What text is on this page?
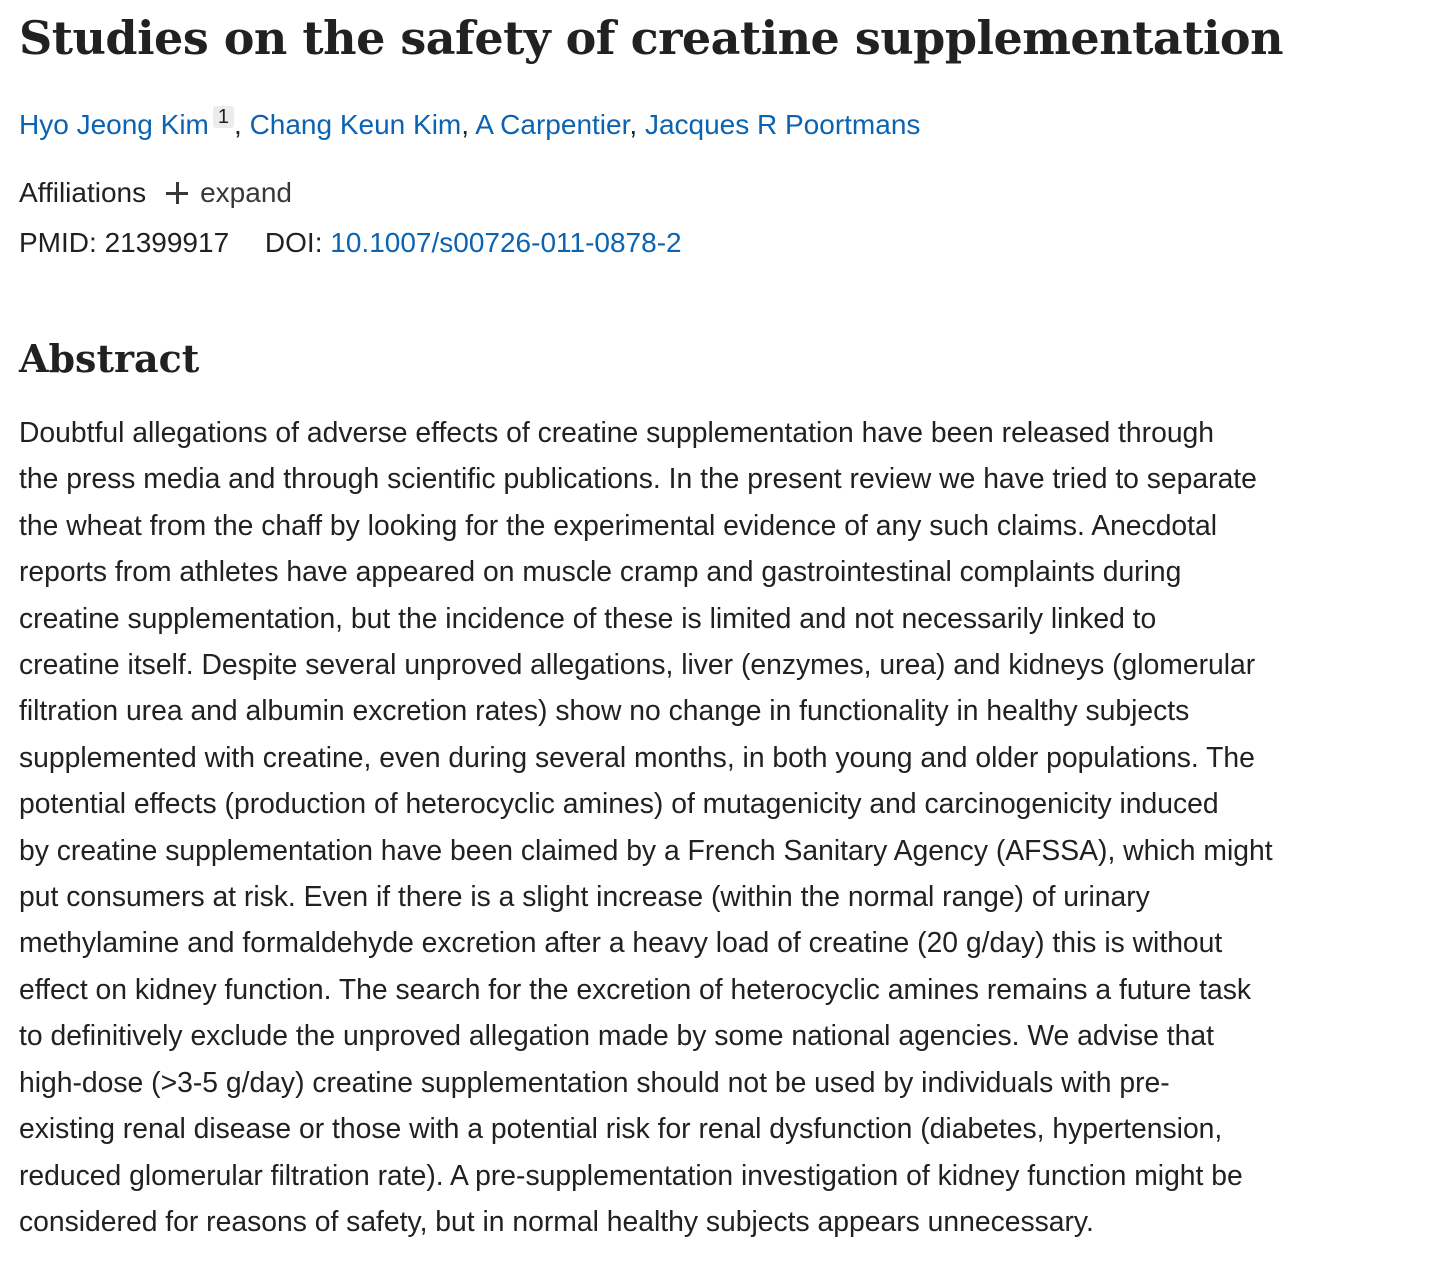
Studies on the safety of creatine supplementation
Hyo Jeong Kim 1 , Chang Keun Kim, A Carpentier, Jacques R Poortmans
Affiliations expand
PMID: 21399917 DOI: 10.1007/s00726-011-0878-2
Abstract
Doubtful allegations of adverse effects of creatine supplementation have been released through
the press media and through scientific publications. In the present review we have tried to separate
the wheat from the chaff by looking for the experimental evidence of any such claims. Anecdotal
reports from athletes have appeared on muscle cramp and gastrointestinal complaints during
creatine supplementation, but the incidence of these is limited and not necessarily linked to
creatine itself. Despite several unproved allegations, liver (enzymes, urea) and kidneys (glomerular
filtration urea and albumin excretion rates) show no change in functionality in healthy subjects
supplemented with creatine, even during several months, in both young and older populations. The
potential effects (production of heterocyclic amines) of mutagenicity and carcinogenicity induced
by creatine supplementation have been claimed by a French Sanitary Agency (AFSSA), which might
put consumers at risk. Even if there is a slight increase (within the normal range) of urinary
methylamine and formaldehyde excretion after a heavy load of creatine (20 g/day) this is without
effect on kidney function. The search for the excretion of heterocyclic amines remains a future task
to definitively exclude the unproved allegation made by some national agencies. We advise that
high-dose (>3-5 g/day) creatine supplementation should not be used by individuals with pre-
existing renal disease or those with a potential risk for renal dysfunction (diabetes, hypertension,
reduced glomerular filtration rate). A pre-supplementation investigation of kidney function might be
considered for reasons of safety, but in normal healthy subjects appears unnecessary.
